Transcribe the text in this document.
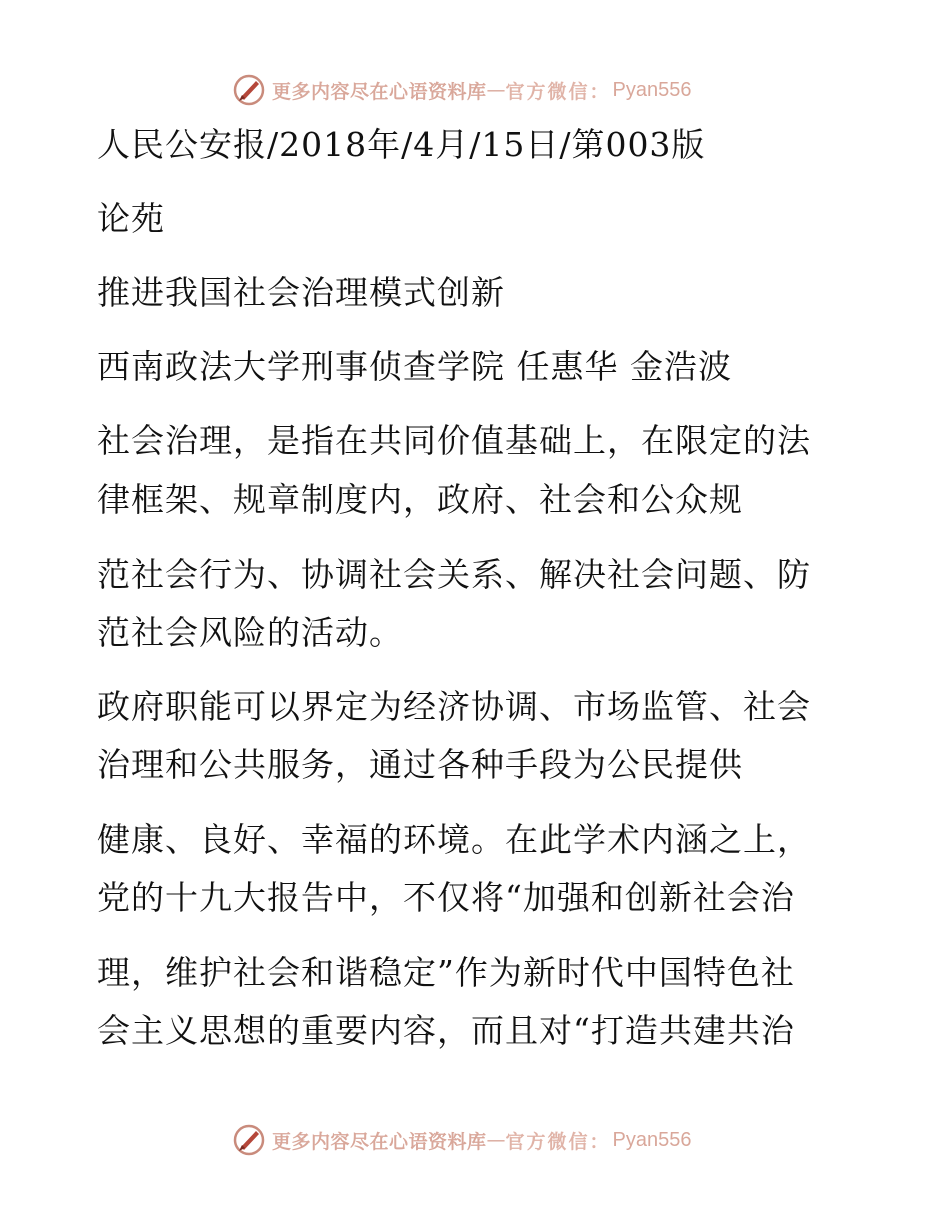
更多内容尽在心语资料库 — 官方微信： Pyan556
人民公安报/2018年/4月/15日/第003版
论苑
推进我国社会治理模式创新
西南政法大学刑事侦查学院 任惠华 金浩波
社会治理，是指在共同价值基础上，在限定的法
律框架、规章制度内，政府、社会和公众规
范社会行为、协调社会关系、解决社会问题、防
范社会风险的活动。
政府职能可以界定为经济协调、市场监管、社会
治理和公共服务，通过各种手段为公民提供
健康、良好、幸福的环境。在此学术内涵之上，
党的十九大报告中，不仅将“加强和创新社会治
理，维护社会和谐稳定”作为新时代中国特色社
会主义思想的重要内容，而且对“打造共建共治
更多内容尽在心语资料库 — 官方微信： Pyan556
